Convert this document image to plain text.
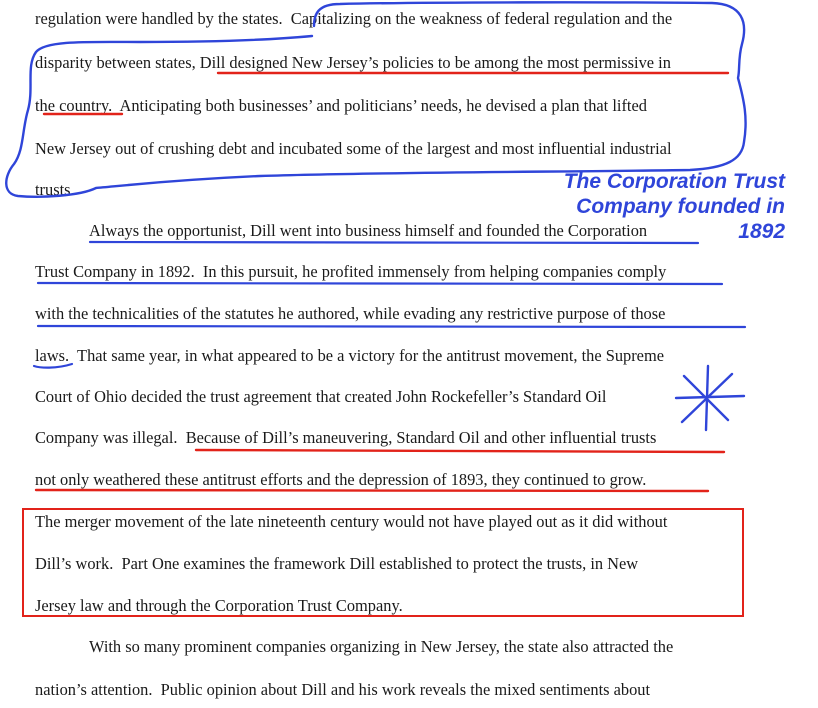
regulation were handled by the states.  Capitalizing on the weakness of federal regulation and the
disparity between states, Dill designed New Jersey’s policies to be among the most permissive in
the country.  Anticipating both businesses’ and politicians’ needs, he devised a plan that lifted
New Jersey out of crushing debt and incubated some of the largest and most influential industrial
trusts.
Always the opportunist, Dill went into business himself and founded the Corporation
Trust Company in 1892.  In this pursuit, he profited immensely from helping companies comply
with the technicalities of the statutes he authored, while evading any restrictive purpose of those
laws.  That same year, in what appeared to be a victory for the antitrust movement, the Supreme
Court of Ohio decided the trust agreement that created John Rockefeller’s Standard Oil
Company was illegal.  Because of Dill’s maneuvering, Standard Oil and other influential trusts
not only weathered these antitrust efforts and the depression of 1893, they continued to grow.
The merger movement of the late nineteenth century would not have played out as it did without
Dill’s work.  Part One examines the framework Dill established to protect the trusts, in New
Jersey law and through the Corporation Trust Company.
With so many prominent companies organizing in New Jersey, the state also attracted the
nation’s attention.  Public opinion about Dill and his work reveals the mixed sentiments about
The Corporation Trust
Company founded in
1892
